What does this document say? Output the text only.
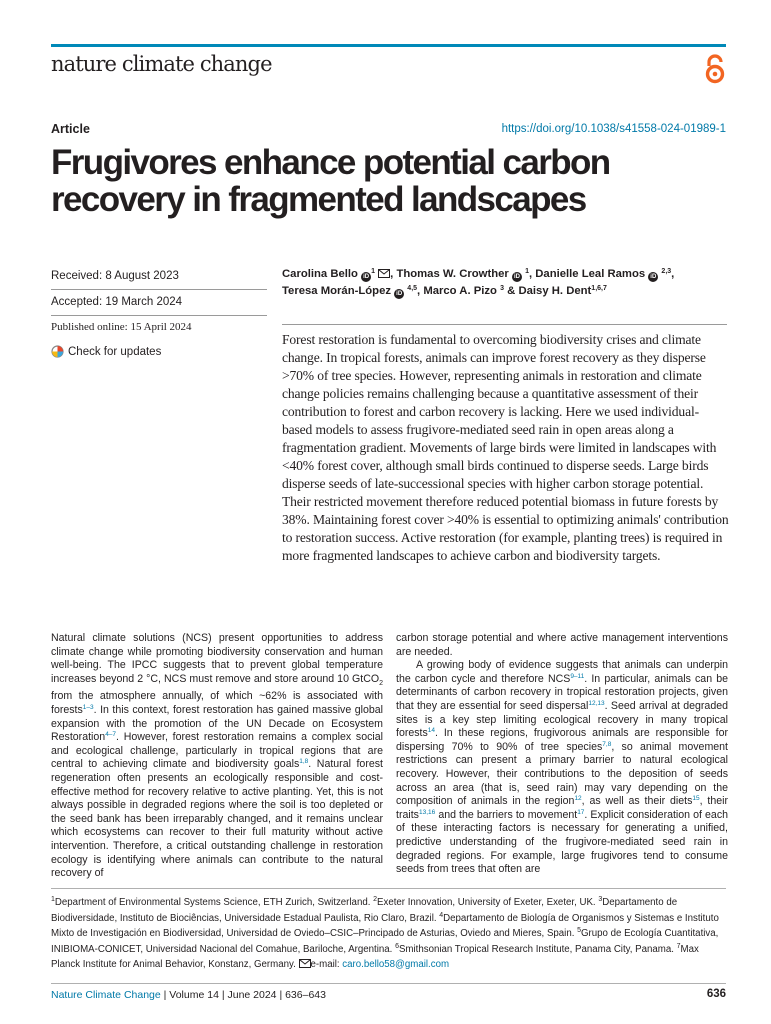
nature climate change
Article	https://doi.org/10.1038/s41558-024-01989-1
Frugivores enhance potential carbon recovery in fragmented landscapes
Received: 8 August 2023
Accepted: 19 March 2024
Published online: 15 April 2024
Check for updates
Carolina Bello $iD^1$ , Thomas W. Crowther iD $^1$, Danielle Leal Ramos iD $^{2,3}$,
Teresa Morán-López iD $^{4,5}$, Marco A. Pizo $^3$ & Daisy H. Dent$^{1,6,7}$

Forest restoration is fundamental to overcoming biodiversity crises and climate change. In tropical forests, animals can improve forest recovery as they disperse >70% of tree species. However, representing animals in restoration and climate change policies remains challenging because a quantitative assessment of their contribution to forest and carbon recovery is lacking. Here we used individual-based models to assess frugivore-mediated seed rain in open areas along a fragmentation gradient. Movements of large birds were limited in landscapes with <40% forest cover, although small birds continued to disperse seeds. Large birds disperse seeds of late-successional species with higher carbon storage potential. Their restricted movement therefore reduced potential biomass in future forests by 38%. Maintaining forest cover >40% is essential to optimizing animals' contribution to restoration success. Active restoration (for example, planting trees) is required in more fragmented landscapes to achieve carbon and biodiversity targets.

Natural climate solutions (NCS) present opportunities to address climate change while promoting biodiversity conservation and human well-being. The IPCC suggests that to prevent global temperature increases beyond 2 °C, NCS must remove and store around 10 GtCO$_2$ from the atmosphere annually, of which ~62% is associated with forests$^{1-3}$. In this context, forest restoration has gained massive global expansion with the promotion of the UN Decade on Ecosystem Restoration$^{4-7}$. However, forest restoration remains a complex social and ecological challenge, particularly in tropical regions that are central to achieving climate and biodiversity goals$^{1,8}$. Natural forest regeneration often presents an ecologically responsible and cost-effective method for recovery relative to active planting. Yet, this is not always possible in degraded regions where the soil is too depleted or the seed bank has been irreparably changed, and it remains unclear which ecosystems can recover to their full maturity without active intervention. Therefore, a critical outstanding challenge in restoration ecology is identifying where animals can contribute to the natural recovery of

carbon storage potential and where active management interventions are needed.

A growing body of evidence suggests that animals can underpin the carbon cycle and therefore NCS$^{9-11}$. In particular, animals can be determinants of carbon recovery in tropical restoration projects, given that they are essential for seed dispersal$^{12,13}$. Seed arrival at degraded sites is a key step limiting ecological recovery in many tropical forests$^{14}$. In these regions, frugivorous animals are responsible for dispersing 70% to 90% of tree species$^{7,8}$, so animal movement restrictions can present a primary barrier to natural ecological recovery. However, their contributions to the deposition of seeds across an area (that is, seed rain) may vary depending on the composition of animals in the region$^{12}$, as well as their diets$^{15}$, their traits$^{13,16}$ and the barriers to movement$^{17}$. Explicit consideration of each of these interacting factors is necessary for generating a unified, predictive understanding of the frugivore-mediated seed rain in degraded regions. For example, large frugivores tend to consume seeds from trees that often are

$^1$Department of Environmental Systems Science, ETH Zurich, Switzerland. $^2$Exeter Innovation, University of Exeter, Exeter, UK. $^3$Departamento de Biodiversidade, Instituto de Biociências, Universidade Estadual Paulista, Rio Claro, Brazil. $^4$Departamento de Biología de Organismos y Sistemas e Instituto Mixto de Investigación en Biodiversidad, Universidad de Oviedo–CSIC–Principado de Asturias, Oviedo and Mieres, Spain. $^5$Grupo de Ecología Cuantitativa, INIBIOMA-CONICET, Universidad Nacional del Comahue, Bariloche, Argentina. $^6$Smithsonian Tropical Research Institute, Panama City, Panama. $^7$Max Planck Institute for Animal Behavior, Konstanz, Germany. e-mail: caro.bello58@gmail.com
Nature Climate Change | Volume 14 | June 2024 | 636–643	636
